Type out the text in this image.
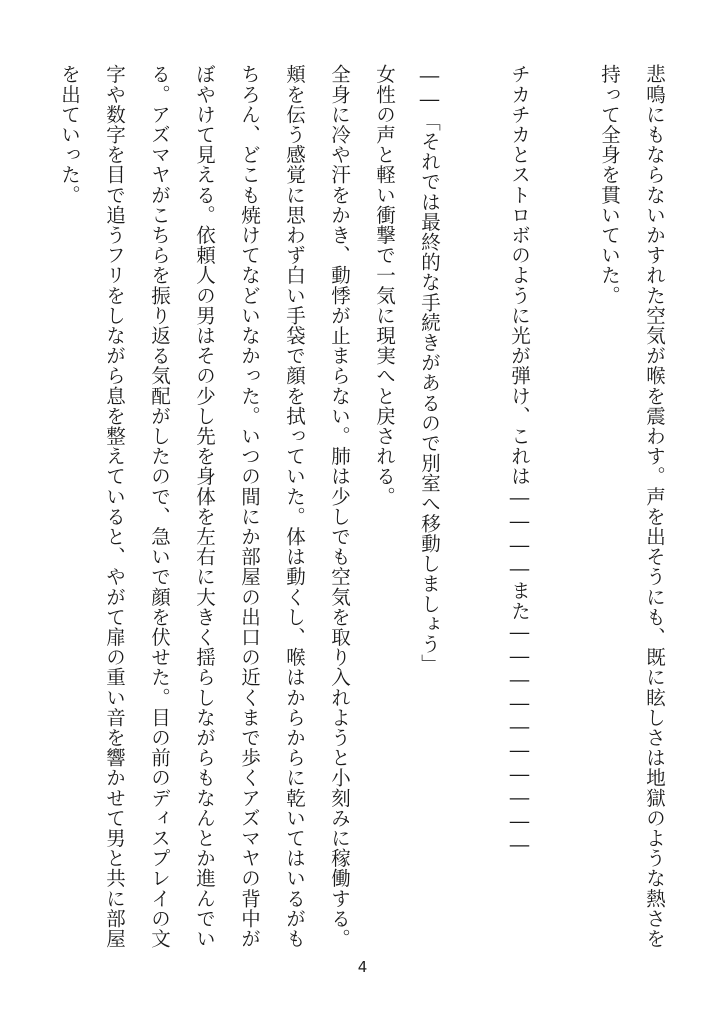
悲鳴にもならないかすれた空気が喉を震わす。声を出そうにも、既に眩しさは地獄のような熱さを持って全身を貫いていた。

チカチカとストロボのように光が弾け、これは――――また――――――――――

――「それでは最終的な手続きがあるので別室へ移動しましょう」

女性の声と軽い衝撃で一気に現実へと戻される。

全身に冷や汗をかき、動悸が止まらない。肺は少しでも空気を取り入れようと小刻みに稼働する。頬を伝う感覚に思わず白い手袋で顔を拭っていた。体は動くし、喉はからからに乾いてはいるがもちろん、どこも焼けてなどいなかった。いつの間にか部屋の出口の近くまで歩くアズマヤの背中がぼやけて見える。依頼人の男はその少し先を身体を左右に大きく揺らしながらもなんとか進んでいる。アズマヤがこちらを振り返る気配がしたので、急いで顔を伏せた。目の前のディスプレイの文字や数字を目で追うフリをしながら息を整えていると、やがて扉の重い音を響かせて男と共に部屋を出ていった。

4
